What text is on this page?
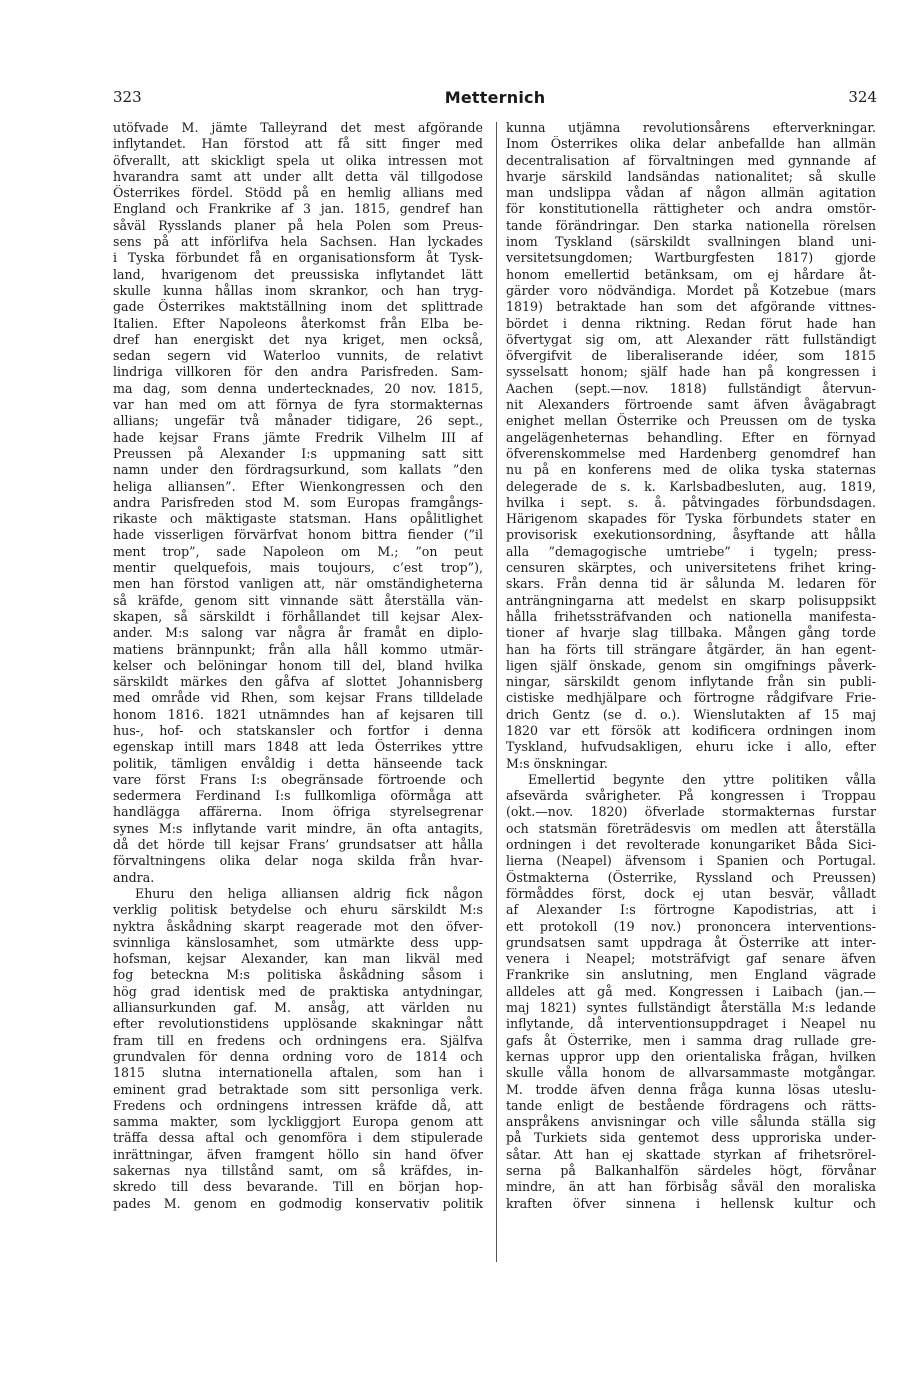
323	Metternich	324
utöfvade M. jämte Talleyrand det mest afgörande
inflytandet. Han förstod att få sitt finger med
öfverallt, att skickligt spela ut olika intressen mot
hvarandra samt att under allt detta väl tillgodose
Österrikes fördel. Stödd på en hemlig allians med
England och Frankrike af 3 jan. 1815, gendref han
såväl Rysslands planer på hela Polen som Preus-
sens på att införlifva hela Sachsen. Han lyckades
i Tyska förbundet få en organisationsform åt Tysk-
land, hvarigenom det preussiska inflytandet lätt
skulle kunna hållas inom skrankor, och han tryg-
gade Österrikes maktställning inom det splittrade
Italien. Efter Napoleons återkomst från Elba be-
dref han energiskt det nya kriget, men också,
sedan segern vid Waterloo vunnits, de relativt
lindriga villkoren för den andra Parisfreden. Sam-
ma dag, som denna undertecknades, 20 nov. 1815,
var han med om att förnya de fyra stormakternas
allians; ungefär två månader tidigare, 26 sept.,
hade kejsar Frans jämte Fredrik Vilhelm III af
Preussen på Alexander I:s uppmaning satt sitt
namn under den fördragsurkund, som kallats ”den
heliga alliansen”. Efter Wienkongressen och den
andra Parisfreden stod M. som Europas framgångs-
rikaste och mäktigaste statsman. Hans opålitlighet
hade visserligen förvärfvat honom bittra fiender (”il
ment trop”, sade Napoleon om M.; ”on peut
mentir quelquefois, mais toujours, c’est trop”),
men han förstod vanligen att, när omständigheterna
så kräfde, genom sitt vinnande sätt återställa vän-
skapen, så särskildt i förhållandet till kejsar Alex-
ander. M:s salong var några år framåt en diplo-
matiens brännpunkt; från alla håll kommo utmär-
kelser och belöningar honom till del, bland hvilka
särskildt märkes den gåfva af slottet Johannisberg
med område vid Rhen, som kejsar Frans tilldelade
honom 1816. 1821 utnämndes han af kejsaren till
hus-, hof- och statskansler och fortfor i denna
egenskap intill mars 1848 att leda Österrikes yttre
politik, tämligen envåldig i detta hänseende tack
vare först Frans I:s obegränsade förtroende och
sedermera Ferdinand I:s fullkomliga oförmåga att
handlägga affärerna. Inom öfriga styrelsegrenar
synes M:s inflytande varit mindre, än ofta antagits,
då det hörde till kejsar Frans’ grundsatser att hålla
förvaltningens olika delar noga skilda från hvar-
andra.
Ehuru den heliga alliansen aldrig fick någon
verklig politisk betydelse och ehuru särskildt M:s
nyktra åskådning skarpt reagerade mot den öfver-
svinnliga känslosamhet, som utmärkte dess upp-
hofsman, kejsar Alexander, kan man likväl med
fog beteckna M:s politiska åskådning såsom i
hög grad identisk med de praktiska antydningar,
alliansurkunden gaf. M. ansåg, att världen nu
efter revolutionstidens upplösande skakningar nått
fram till en fredens och ordningens era. Själfva
grundvalen för denna ordning voro de 1814 och
1815 slutna internationella aftalen, som han i
eminent grad betraktade som sitt personliga verk.
Fredens och ordningens intressen kräfde då, att
samma makter, som lyckliggjort Europa genom att
träffa dessa aftal och genomföra i dem stipulerade
inrättningar, äfven framgent höllo sin hand öfver
sakernas nya tillstånd samt, om så kräfdes, in-
skredo till dess bevarande. Till en början hop-
pades M. genom en godmodig konservativ politik
kunna utjämna revolutionsårens efterverkningar.
Inom Österrikes olika delar anbefallde han allmän
decentralisation af förvaltningen med gynnande af
hvarje särskild landsändas nationalitet; så skulle
man undslippa vådan af någon allmän agitation
för konstitutionella rättigheter och andra omstör-
tande förändringar. Den starka nationella rörelsen
inom Tyskland (särskildt svallningen bland uni-
versitetsungdomen; Wartburgfesten 1817) gjorde
honom emellertid betänksam, om ej hårdare åt-
gärder voro nödvändiga. Mordet på Kotzebue (mars
1819) betraktade han som det afgörande vittnes-
bördet i denna riktning. Redan förut hade han
öfvertygat sig om, att Alexander rätt fullständigt
öfvergifvit de liberaliserande idéer, som 1815
sysselsatt honom; själf hade han på kongressen i
Aachen (sept.—nov. 1818) fullständigt återvun-
nit Alexanders förtroende samt äfven åvägabragt
enighet mellan Österrike och Preussen om de tyska
angelägenheternas behandling. Efter en förnyad
öfverenskommelse med Hardenberg genomdref han
nu på en konferens med de olika tyska staternas
delegerade de s. k. Karlsbadbesluten, aug. 1819,
hvilka i sept. s. å. påtvingades förbundsdagen.
Härigenom skapades för Tyska förbundets stater en
provisorisk exekutionsordning, åsyftande att hålla
alla ”demagogische umtriebe” i tygeln; press-
censuren skärptes, och universitetens frihet kring-
skars. Från denna tid är sålunda M. ledaren för
anträngningarna att medelst en skarp polisuppsikt
hålla frihetssträfvanden och nationella manifesta-
tioner af hvarje slag tillbaka. Mången gång torde
han ha förts till strängare åtgärder, än han egent-
ligen själf önskade, genom sin omgifnings påverk-
ningar, särskildt genom inflytande från sin publi-
cistiske medhjälpare och förtrogne rådgifvare Frie-
drich Gentz (se d. o.). Wienslutakten af 15 maj
1820 var ett försök att kodificera ordningen inom
Tyskland, hufvudsakligen, ehuru icke i allo, efter
M:s önskningar.
Emellertid begynte den yttre politiken vålla
afsevärda svårigheter. På kongressen i Troppau
(okt.—nov. 1820) öfverlade stormakternas furstar
och statsmän företrädesvis om medlen att återställa
ordningen i det revolterade konungariket Båda Sici-
lierna (Neapel) äfvensom i Spanien och Portugal.
Östmakterna (Österrike, Ryssland och Preussen)
förmåddes först, dock ej utan besvär, vålladt
af Alexander I:s förtrogne Kapodistrias, att i
ett protokoll (19 nov.) prononcera interventions-
grundsatsen samt uppdraga åt Österrike att inter-
venera i Neapel; motsträfvigt gaf senare äfven
Frankrike sin anslutning, men England vägrade
alldeles att gå med. Kongressen i Laibach (jan.—
maj 1821) syntes fullständigt återställa M:s ledande
inflytande, då interventionsuppdraget i Neapel nu
gafs åt Österrike, men i samma drag rullade gre-
kernas uppror upp den orientaliska frågan, hvilken
skulle vålla honom de allvarsammaste motgångar.
M. trodde äfven denna fråga kunna lösas uteslu-
tande enligt de bestående fördragens och rätts-
anspråkens anvisningar och ville sålunda ställa sig
på Turkiets sida gentemot dess upproriska under-
såtar. Att han ej skattade styrkan af frihetsrörel-
serna på Balkanhalfön särdeles högt, förvånar
mindre, än att han förbisåg såväl den moraliska
kraften öfver sinnena i hellensk kultur och
